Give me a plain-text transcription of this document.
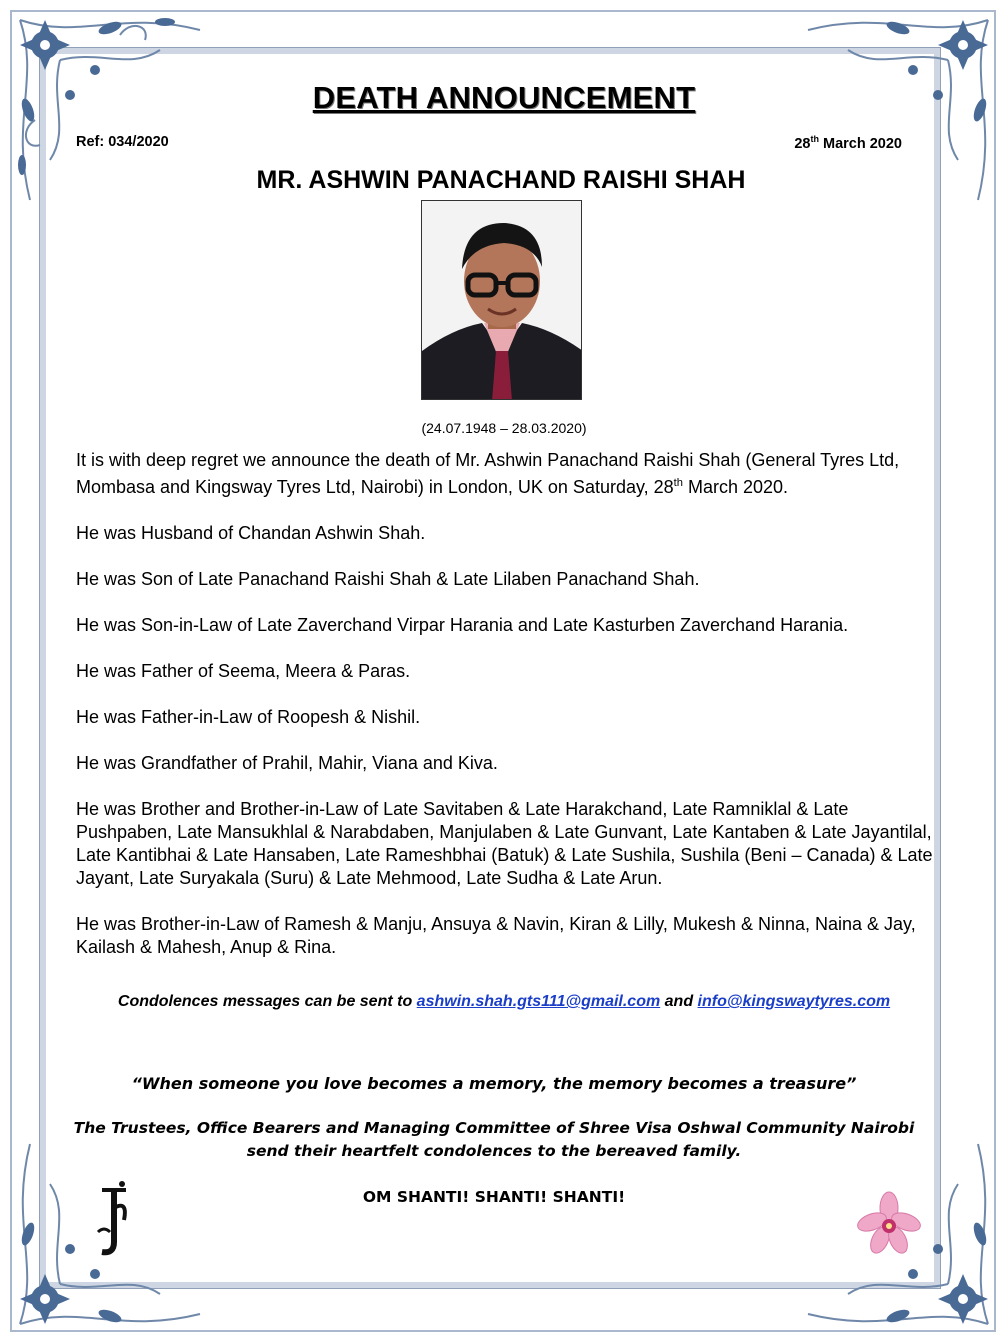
DEATH ANNOUNCEMENT
Ref: 034/2020	28th March 2020
MR. ASHWIN PANACHAND RAISHI SHAH
(24.07.1948 – 28.03.2020)

It is with deep regret we announce the death of Mr. Ashwin Panachand Raishi Shah (General Tyres Ltd, Mombasa and Kingsway Tyres Ltd, Nairobi) in London, UK on Saturday, 28th March 2020.

He was Husband of Chandan Ashwin Shah.

He was Son of Late Panachand Raishi Shah & Late Lilaben Panachand Shah.

He was Son-in-Law of Late Zaverchand Virpar Harania and Late Kasturben Zaverchand Harania.

He was Father of Seema, Meera & Paras.

He was Father-in-Law of Roopesh & Nishil.

He was Grandfather of Prahil, Mahir, Viana and Kiva.

He was Brother and Brother-in-Law of Late Savitaben & Late Harakchand, Late Ramniklal & Late Pushpaben, Late Mansukhlal & Narabdaben, Manjulaben & Late Gunvant, Late Kantaben & Late Jayantilal, Late Kantibhai & Late Hansaben, Late Rameshbhai (Batuk) & Late Sushila, Sushila (Beni – Canada) & Late Jayant, Late Suryakala (Suru) & Late Mehmood, Late Sudha & Late Arun.

He was Brother-in-Law of Ramesh & Manju, Ansuya & Navin, Kiran & Lilly, Mukesh & Ninna, Naina & Jay, Kailash & Mahesh, Anup & Rina.

Condolences messages can be sent to ashwin.shah.gts111@gmail.com and info@kingswaytyres.com
“When someone you love becomes a memory, the memory becomes a treasure”
The Trustees, Office Bearers and Managing Committee of Shree Visa Oshwal Community Nairobi
send their heartfelt condolences to the bereaved family.
OM SHANTI! SHANTI! SHANTI!
